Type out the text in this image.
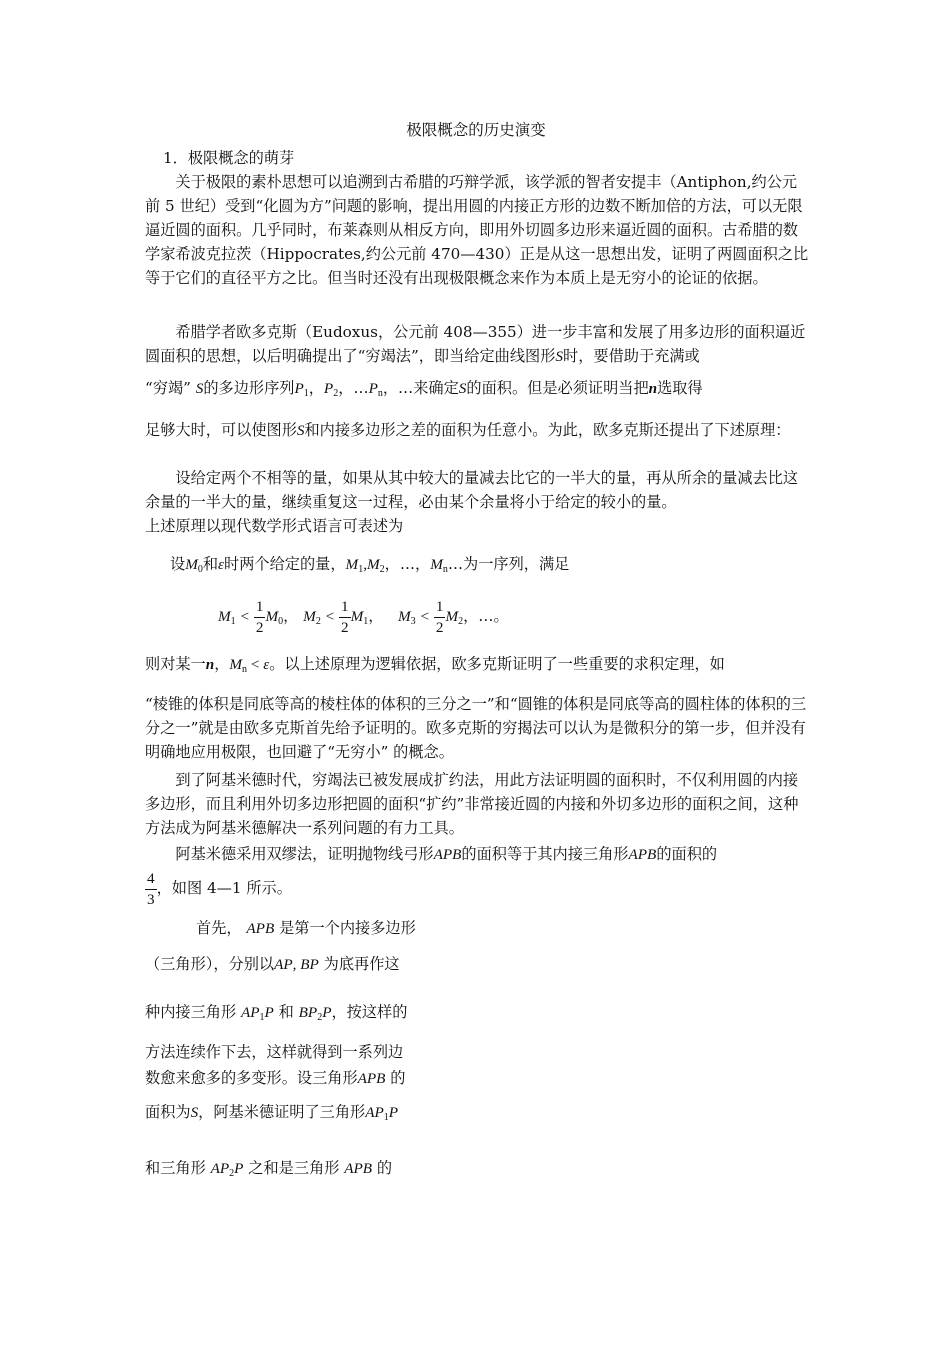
极限概念的历史演变
1．极限概念的萌芽
关于极限的素朴思想可以追溯到古希腊的巧辩学派，该学派的智者安提丰（Antiphon,约公元前 5 世纪）受到“化圆为方”问题的影响，提出用圆的内接正方形的边数不断加倍的方法，可以无限逼近圆的面积。几乎同时，布莱森则从相反方向，即用外切圆多边形来逼近圆的面积。古希腊的数学家希波克拉茨（Hippocrates,约公元前 470—430）正是从这一思想出发，证明了两圆面积之比等于它们的直径平方之比。但当时还没有出现极限概念来作为本质上是无穷小的论证的依据。
希腊学者欧多克斯（Eudoxus，公元前 408—355）进一步丰富和发展了用多边形的面积逼近圆面积的思想，以后明确提出了“穷竭法”，即当给定曲线图形S时，要借助于充满或
“穷竭” S的多边形序列$P_1$，$P_2$，$\dots P_n$，…来确定S的面积。但是必须证明当把n选取得
足够大时，可以使图形S和内接多边形之差的面积为任意小。为此，欧多克斯还提出了下述原理：
设给定两个不相等的量，如果从其中较大的量减去比它的一半大的量，再从所余的量减去比这余量的一半大的量，继续重复这一过程，必由某个余量将小于给定的较小的量。
上述原理以现代数学形式语言可表述为
设$M_0$和ε时两个给定的量，$M_1,M_2$，…，$M_n\dots$为一序列，满足
$M_1 < \frac{1}{2} M_0$， $M_2 < \frac{1}{2} M_1$， $M_3 < \frac{1}{2} M_2$，…。
则对某一n，$M_n < \varepsilon$。以上述原理为逻辑依据，欧多克斯证明了一些重要的求积定理，如
“棱锥的体积是同底等高的棱柱体的体积的三分之一”和“圆锥的体积是同底等高的圆柱体的体积的三分之一”就是由欧多克斯首先给予证明的。欧多克斯的穷揭法可以认为是微积分的第一步，但并没有明确地应用极限，也回避了“无穷小” 的概念。
到了阿基米德时代，穷竭法已被发展成扩约法，用此方法证明圆的面积时，不仅利用圆的内接多边形，而且利用外切多边形把圆的面积“扩约”非常接近圆的内接和外切多边形的面积之间，这种方法成为阿基米德解决一系列问题的有力工具。
阿基米德采用双缪法，证明抛物线弓形APB的面积等于其内接三角形APB的面积的
$\frac{4}{3}$ ，如图 4—1 所示。
首先， APB 是第一个内接多边形
（三角形），分别以AP, BP 为底再作这
种内接三角形 $AP_1P$ 和 $BP_2P$，按这样的
方法连续作下去，这样就得到一系列边
数愈来愈多的多变形。设三角形APB 的
面积为S，阿基米德证明了三角形$AP_1P$
和三角形 $AP_2P$ 之和是三角形 APB 的
